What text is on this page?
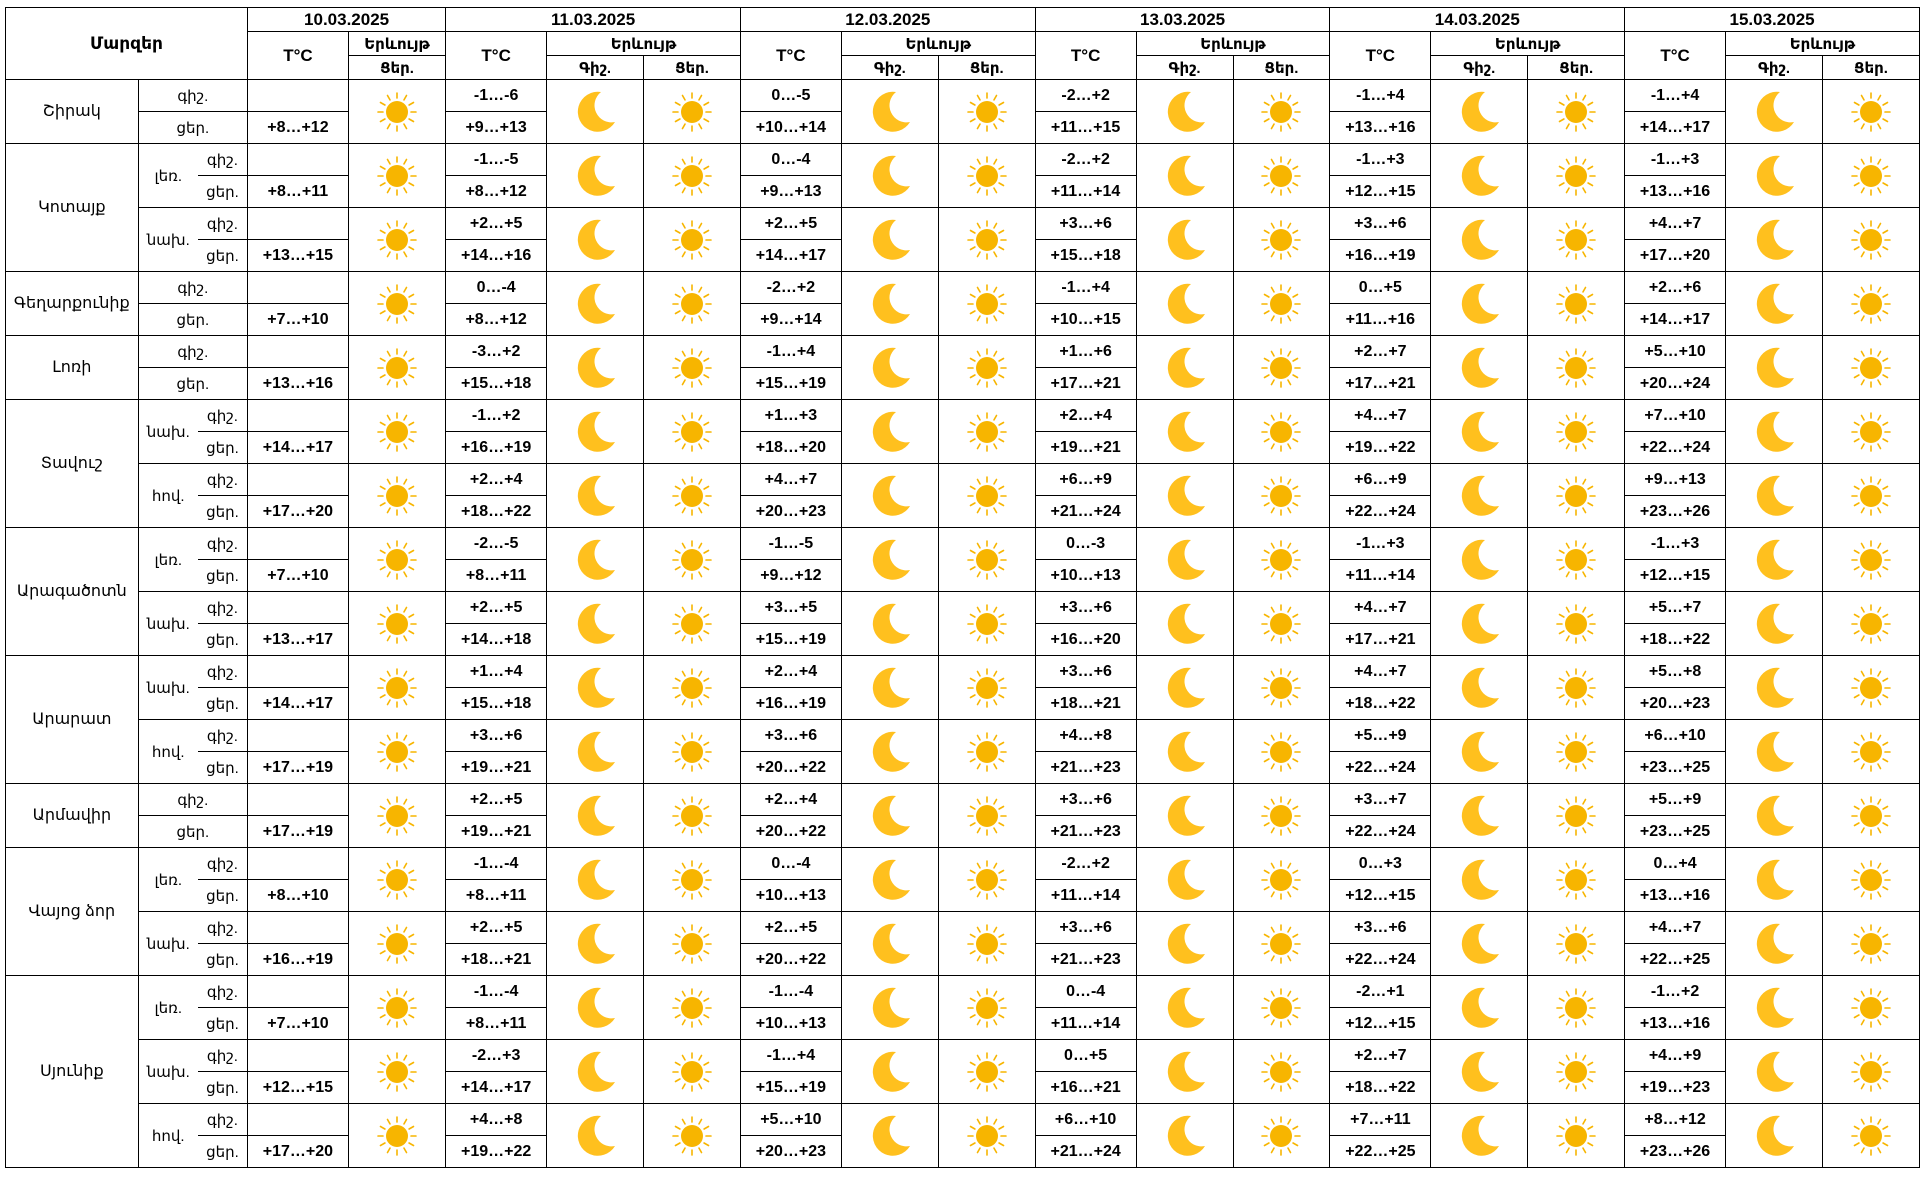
Մարզեր			10.03.2025		11.03.2025			12.03.2025			13.03.2025			14.03.2025			15.03.2025		
			T°C	Երևույթ	T°C	Երևույթ		T°C	Երևույթ		T°C	Երևույթ		T°C	Երևույթ		T°C	Երևույթ	
				Ցեր.		Գիշ.	Ցեր.		Գիշ.	Ցեր.		Գիշ.	Ցեր.		Գիշ.	Ցեր.		Գիշ.	Ցեր.
Շիրակ	գիշ.				-1…-6			0…-5			-2…+2			-1…+4			-1…+4	

	ցեր.		+8…+12		+9…+13			+10…+14			+11…+15			+13…+16			+14…+17		
Կոտայք	լեռ.	գիշ.			-1…-5			0…-4			-2…+2			-1…+3			-1…+3	

		ցեր.	+8…+11		+8…+12			+9…+13			+11…+14			+12…+15			+13…+16		
	նախ.	գիշ.			+2…+5			+2…+5			+3…+6			+3…+6			+4…+7	

		ցեր.	+13…+15		+14…+16			+14…+17			+15…+18			+16…+19			+17…+20		
Գեղարքունիք	գիշ.				0…-4			-2…+2			-1…+4			0…+5			+2…+6	

	ցեր.		+7…+10		+8…+12			+9…+14			+10…+15			+11…+16			+14…+17		
Լոռի	գիշ.				-3…+2			-1…+4			+1…+6			+2…+7			+5…+10	

	ցեր.		+13…+16		+15…+18			+15…+19			+17…+21			+17…+21			+20…+24		
Տավուշ	նախ.	գիշ.			-1…+2			+1…+3			+2…+4			+4…+7			+7…+10	

		ցեր.	+14…+17		+16…+19			+18…+20			+19…+21			+19…+22			+22…+24		
	հով.	գիշ.			+2…+4			+4…+7			+6…+9			+6…+9			+9…+13	

		ցեր.	+17…+20		+18…+22			+20…+23			+21…+24			+22…+24			+23…+26		
Արագածոտն	լեռ.	գիշ.			-2…-5			-1…-5			0…-3			-1…+3			-1…+3	

		ցեր.	+7…+10		+8…+11			+9…+12			+10…+13			+11…+14			+12…+15		
	նախ.	գիշ.			+2…+5			+3…+5			+3…+6			+4…+7			+5…+7	

		ցեր.	+13…+17		+14…+18			+15…+19			+16…+20			+17…+21			+18…+22		
Արարատ	նախ.	գիշ.			+1…+4			+2…+4			+3…+6			+4…+7			+5…+8	

		ցեր.	+14…+17		+15…+18			+16…+19			+18…+21			+18…+22			+20…+23		
	հով.	գիշ.			+3…+6			+3…+6			+4…+8			+5…+9			+6…+10	

		ցեր.	+17…+19		+19…+21			+20…+22			+21…+23			+22…+24			+23…+25		
Արմավիր	գիշ.				+2…+5			+2…+4			+3…+6			+3…+7			+5…+9	

	ցեր.		+17…+19		+19…+21			+20…+22			+21…+23			+22…+24			+23…+25		
Վայոց ձոր	լեռ.	գիշ.			-1…-4			0…-4			-2…+2			0…+3			0…+4	

		ցեր.	+8…+10		+8…+11			+10…+13			+11…+14			+12…+15			+13…+16		
	նախ.	գիշ.			+2…+5			+2…+5			+3…+6			+3…+6			+4…+7	

		ցեր.	+16…+19		+18…+21			+20…+22			+21…+23			+22…+24			+22…+25		
Սյունիք	լեռ.	գիշ.			-1…-4			-1…-4			0…-4			-2…+1			-1…+2	

		ցեր.	+7…+10		+8…+11			+10…+13			+11…+14			+12…+15			+13…+16		
	նախ.	գիշ.			-2…+3			-1…+4			0…+5			+2…+7			+4…+9	

		ցեր.	+12…+15		+14…+17			+15…+19			+16…+21			+18…+22			+19…+23		
	հով.	գիշ.			+4…+8			+5…+10			+6…+10			+7…+11			+8…+12	

		ցեր.	+17…+20		+19…+22			+20…+23			+21…+24			+22…+25			+23…+26		
